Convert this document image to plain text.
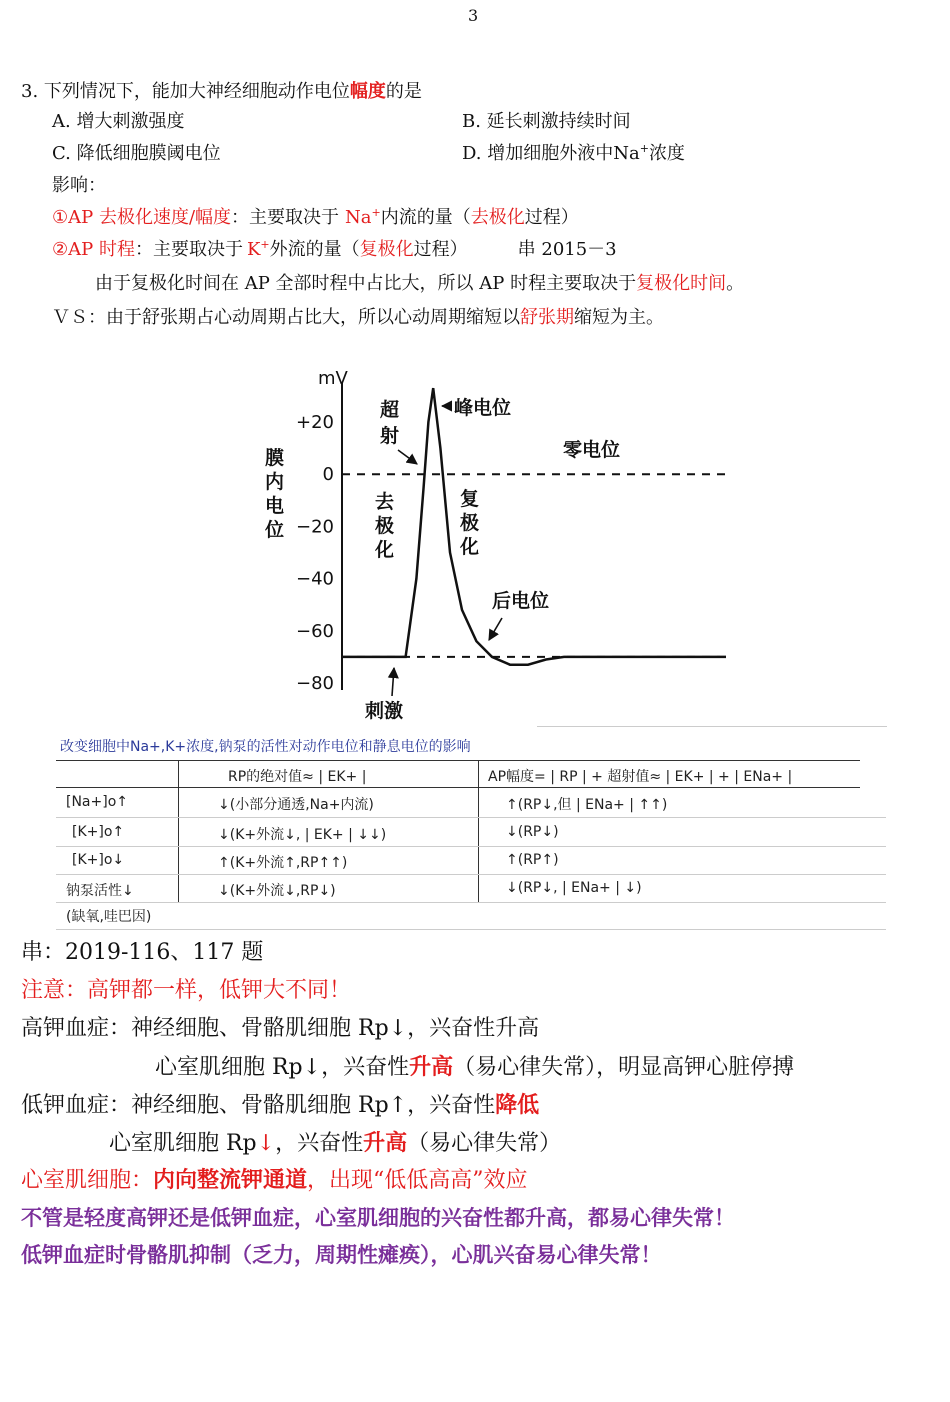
3
3. 下列情况下，能加大神经细胞动作电位幅度的是
A. 增大刺激强度	B. 延长刺激持续时间
C. 降低细胞膜阈电位	D. 增加细胞外液中Na+浓度
影响：
①AP 去极化速度/幅度：主要取决于 Na+内流的量（去极化过程）
②AP 时程：主要取决于 K+外流的量（复极化过程）	串 2015－3
由于复极化时间在 AP 全部时程中占比大，所以 AP 时程主要取决于复极化时间。
ＶＳ：由于舒张期占心动周期占比大，所以心动周期缩短以舒张期缩短为主。
mV
+20
0
−20
−40
−60
−80
膜
内
电
位
超
射
峰电位
零电位
去
极
化
复
极
化
后电位
刺激
改变细胞中Na+,K+浓度,钠泵的活性对动作电位和静息电位的影响
RP的绝对值≈ | EK+ |	AP幅度= | RP | + 超射值≈ | EK+ | + | ENa+ |
[Na+]o↑	↓(小部分通透,Na+内流)	↑(RP↓,但 | ENa+ | ↑↑)
[K+]o↑	↓(K+外流↓, | EK+ | ↓↓)	↓(RP↓)
[K+]o↓	↑(K+外流↑,RP↑↑)	↑(RP↑)
钠泵活性↓	↓(K+外流↓,RP↓)	↓(RP↓, | ENa+ | ↓)
(缺氧,哇巴因)
串：2019-116、117 题
注意：高钾都一样，低钾大不同！
高钾血症：神经细胞、骨骼肌细胞 Rp↓，兴奋性升高
心室肌细胞 Rp↓，兴奋性升高（易心律失常），明显高钾心脏停搏
低钾血症：神经细胞、骨骼肌细胞 Rp↑，兴奋性降低
心室肌细胞 Rp↓，兴奋性升高（易心律失常）
心室肌细胞：内向整流钾通道，出现“低低高高”效应
不管是轻度高钾还是低钾血症，心室肌细胞的兴奋性都升高，都易心律失常！
低钾血症时骨骼肌抑制（乏力，周期性瘫痪），心肌兴奋易心律失常！
